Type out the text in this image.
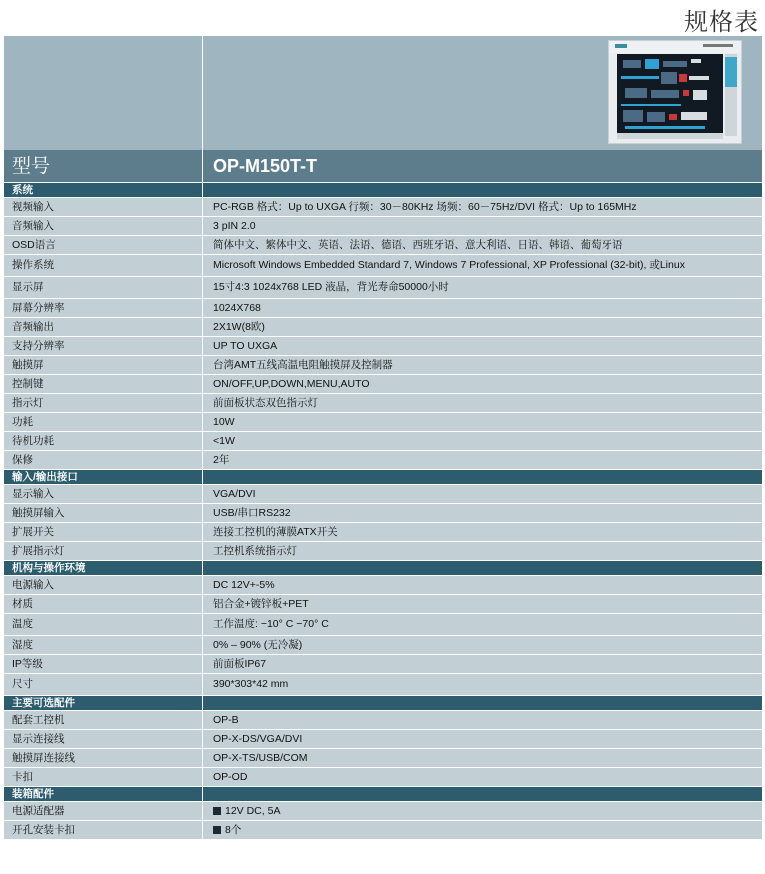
规格表

型号	OP-M150T-T
系统	
视频输入	PC-RGB 格式：Up to UXGA 行频：30－80KHz 场频：60－75Hz/DVI 格式：Up to 165MHz
音频输入	3 pIN 2.0
OSD语言	简体中文、繁体中文、英语、法语、德语、西班牙语、意大利语、日语、韩语、葡萄牙语
操作系统	Microsoft Windows Embedded Standard 7, Windows 7 Professional, XP Professional (32-bit), 或Linux
显示屏	15寸4:3 1024x768 LED 液晶，背光寿命50000小时
屏幕分辨率	1024X768
音频输出	2X1W(8欧)
支持分辨率	UP TO UXGA
触摸屏	台湾AMT五线高温电阻触摸屏及控制器
控制键	ON/OFF,UP,DOWN,MENU,AUTO
指示灯	前面板状态双色指示灯
功耗	10W
待机功耗	<1W
保修	2年
输入/输出接口	
显示输入	VGA/DVI
触摸屏输入	USB/串口RS232
扩展开关	连接工控机的薄膜ATX开关
扩展指示灯	工控机系统指示灯
机构与操作环境	
电源输入	DC 12V+-5%
材质	铝合金+镀锌板+PET
温度	工作温度: −10° C −70° C
湿度	0% – 90% (无冷凝)
IP等级	前面板IP67
尺寸	390*303*42 mm
主要可选配件	
配套工控机	OP-B
显示连接线	OP-X-DS/VGA/DVI
触摸屏连接线	OP-X-TS/USB/COM
卡扣	OP-OD
装箱配件	
电源适配器	12V DC, 5A
开孔安装卡扣	8个
